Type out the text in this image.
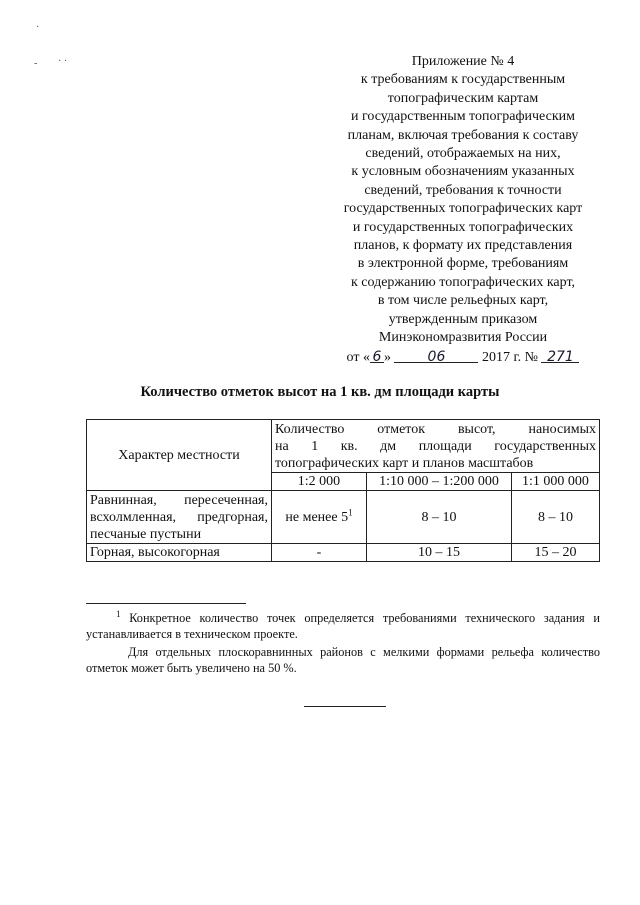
·
- · ·	Приложение № 4
к требованиям к государственным
топографическим картам
и государственным топографическим
планам, включая требования к составу
сведений, отображаемых на них,
к условным обозначениям указанных
сведений, требования к точности
государственных топографических карт
и государственных топографических
планов, к формату их представления
в электронной форме, требованиям
к содержанию топографических карт,
в том числе рельефных карт,
утвержденным приказом
Минэкономразвития России
от « 6 »	06	2017 г. № 271
Количество отметок высот на 1 кв. дм площади карты
Характер местности	Количество отметок высот, наносимых
на 1 кв. дм площади государственных
топографических карт и планов масштабов		

	1:2 000	1:10 000 – 1:200 000	1:1 000 000

Равнинная, пересеченная,
всхолмленная, предгорная,
песчаные пустыни	не менее $5^1$	8 – 10	8 – 10

Горная, высокогорная	-	10 – 15	15 – 20
$^1$ Конкретное количество точек определяется требованиями технического задания и устанавливается в техническом проекте.
Для отдельных плоскоравнинных районов с мелкими формами рельефа количество отметок может быть увеличено на 50 %.
